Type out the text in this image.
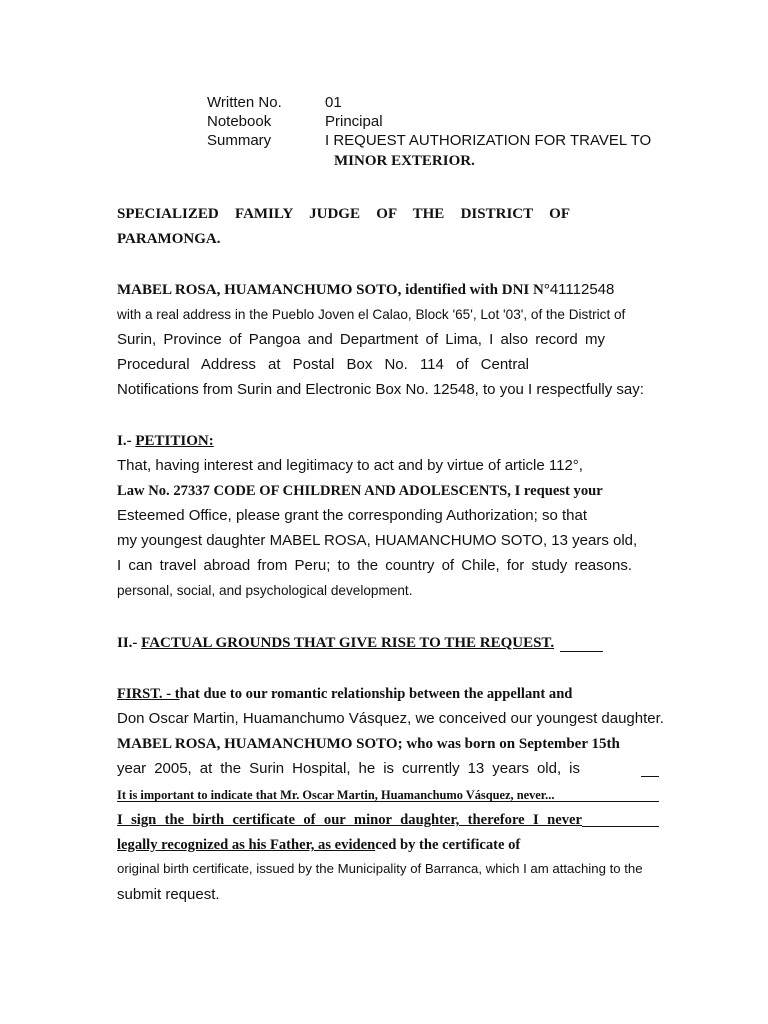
Written No.	01
Notebook	Principal
Summary	I REQUEST AUTHORIZATION FOR TRAVEL TO
MINOR EXTERIOR.
SPECIALIZED FAMILY JUDGE OF THE DISTRICT OF
PARAMONGA.
MABEL ROSA, HUAMANCHUMO SOTO, identified with DNI N°41112548
with a real address in the Pueblo Joven el Calao, Block '65', Lot '03', of the District of
Surin, Province of Pangoa and Department of Lima, I also record my
Procedural Address at Postal Box No. 114 of Central
Notifications from Surin and Electronic Box No. 12548, to you I respectfully say:
I.- PETITION:
That, having interest and legitimacy to act and by virtue of article 112°,
Law No. 27337 CODE OF CHILDREN AND ADOLESCENTS, I request your
Esteemed Office, please grant the corresponding Authorization; so that
my youngest daughter MABEL ROSA, HUAMANCHUMO SOTO, 13 years old,
I can travel abroad from Peru; to the country of Chile, for study reasons.
personal, social, and psychological development.
II.- FACTUAL GROUNDS THAT GIVE RISE TO THE REQUEST.
FIRST. - that due to our romantic relationship between the appellant and
Don Oscar Martin, Huamanchumo Vásquez, we conceived our youngest daughter.
MABEL ROSA, HUAMANCHUMO SOTO; who was born on September 15th
year 2005, at the Surin Hospital, he is currently 13 years old, is
It is important to indicate that Mr. Oscar Martin, Huamanchumo Vásquez, never...
I sign the birth certificate of our minor daughter, therefore I never
legally recognized as his Father, as evidenced by the certificate of
original birth certificate, issued by the Municipality of Barranca, which I am attaching to the
submit request.
